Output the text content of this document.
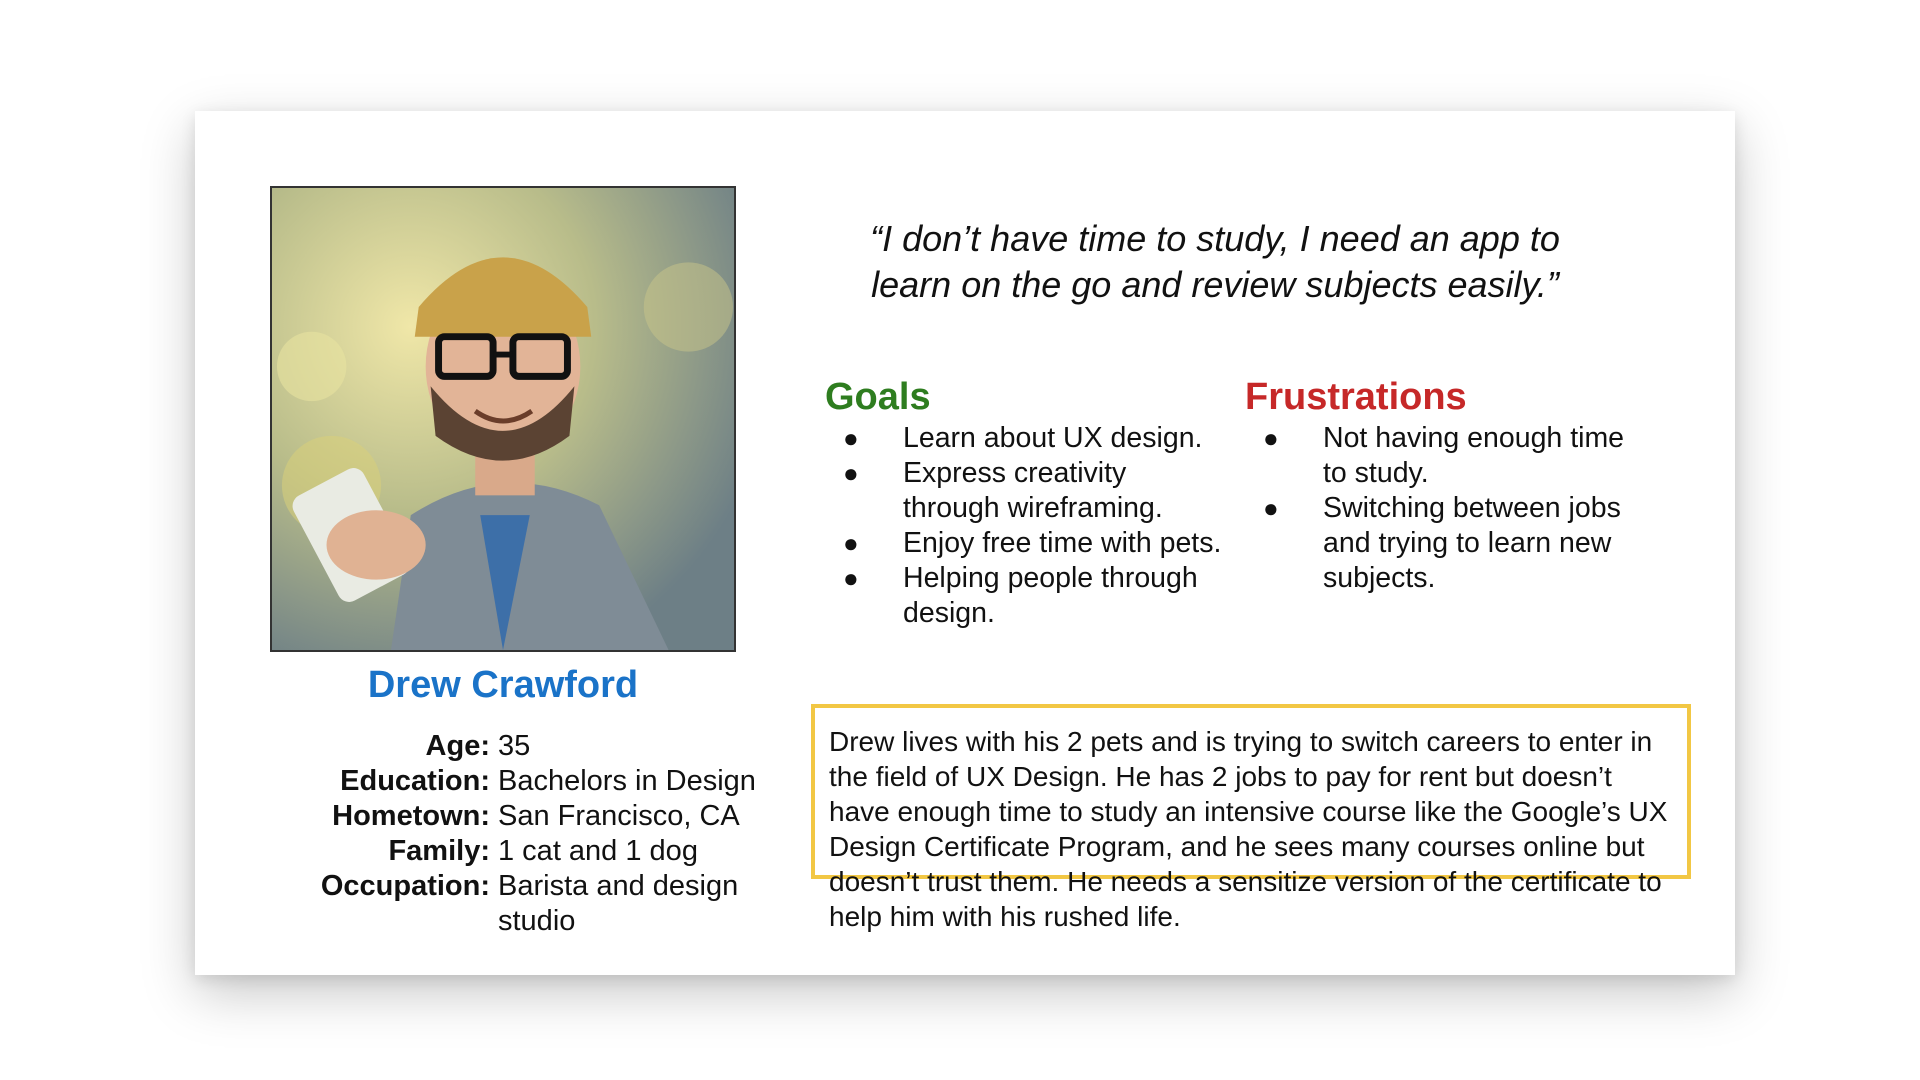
Drew Crawford
Age: 35
Education: Bachelors in Design
Hometown: San Francisco, CA
Family: 1 cat and 1 dog
Occupation: Barista and design studio
“I don’t have time to study, I need an app to learn on the go and review subjects easily.”
Goals
● Learn about UX design.
● Express creativity through wireframing.
● Enjoy free time with pets.
● Helping people through design.
Frustrations
● Not having enough time to study.
● Switching between jobs and trying to learn new subjects.
Drew lives with his 2 pets and is trying to switch careers to enter in the field of UX Design. He has 2 jobs to pay for rent but doesn’t have enough time to study an intensive course like the Google’s UX Design Certificate Program, and he sees many courses online but doesn’t trust them. He needs a sensitize version of the certificate to help him with his rushed life.
